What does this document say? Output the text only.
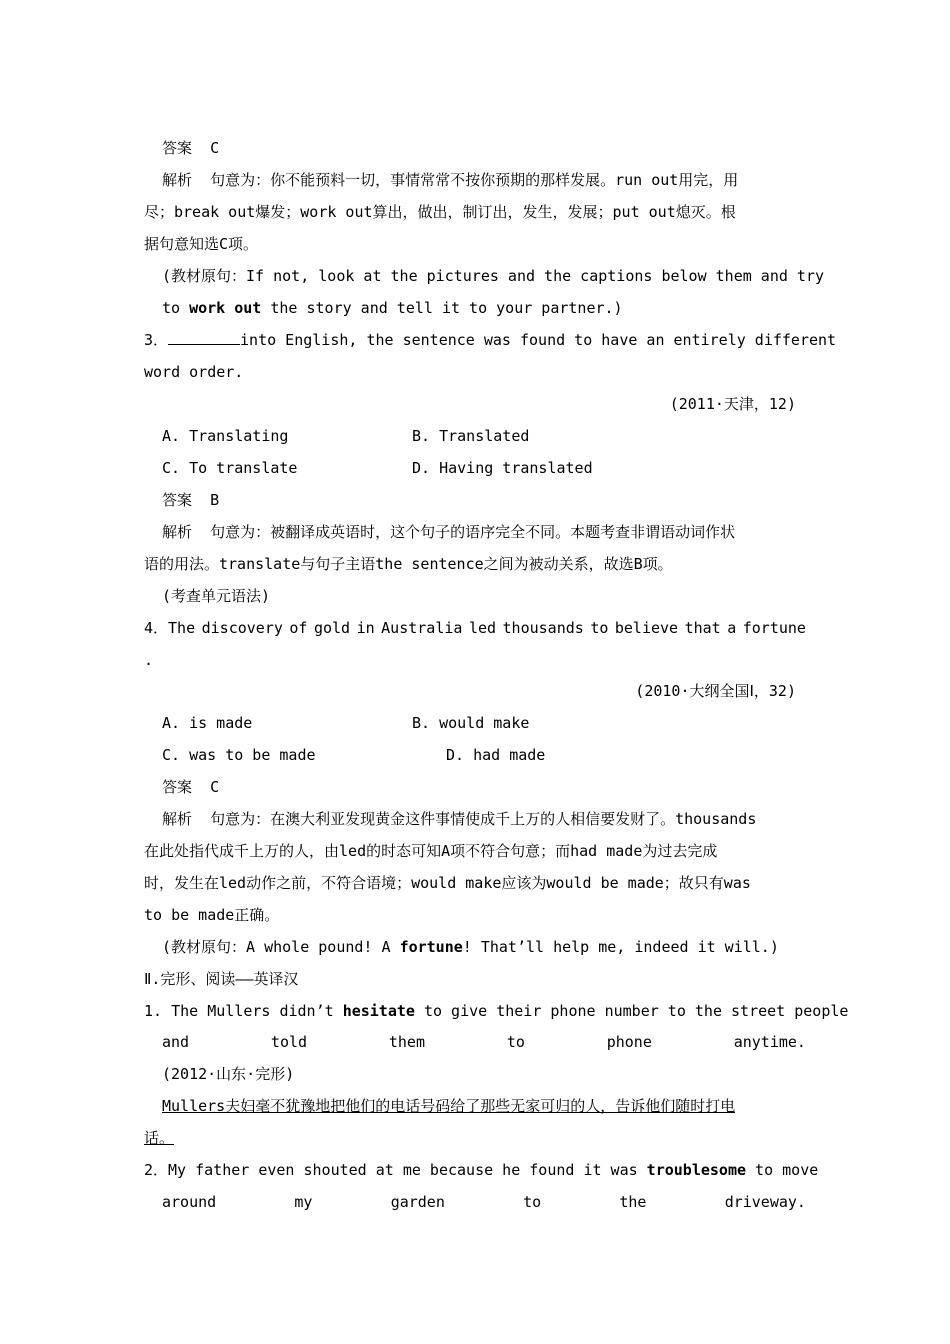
答案 C
解析 句意为：你不能预料一切，事情常常不按你预期的那样发展。run out用完，用
尽；break out爆发；work out算出，做出，制订出，发生，发展；put out熄灭。根
据句意知选C项。
(教材原句：If not, look at the pictures and the captions below them and try
to work out the story and tell it to your partner.)
3．	into English, the sentence was found to have an entirely different
word order.
(2011·天津，12)
A. Translating	B. Translated
C. To translate	D. Having translated
答案 B
解析 句意为：被翻译成英语时，这个句子的语序完全不同。本题考查非谓语动词作状
语的用法。translate与句子主语the sentence之间为被动关系，故选B项。
(考查单元语法)
4．The discovery of gold in Australia led thousands to believe that a fortune
.
(2010·大纲全国Ⅰ，32)
A. is made	B. would make
C. was to be made	D. had made
答案 C
解析 句意为：在澳大利亚发现黄金这件事情使成千上万的人相信要发财了。thousands
在此处指代成千上万的人，由led的时态可知A项不符合句意；而had made为过去完成
时，发生在led动作之前，不符合语境；would make应该为would be made；故只有was
to be made正确。
(教材原句：A whole pound! A fortune! That’ll help me, indeed it will.)
Ⅱ.完形、阅读——英译汉
1. The Mullers didn’t hesitate to give their phone number to the street people
and	told	them	to	phone	anytime.
(2012·山东·完形)
Mullers夫妇毫不犹豫地把他们的电话号码给了那些无家可归的人，告诉他们随时打电
话。
2．My father even shouted at me because he found it was troublesome to move
around	my	garden	to	the	driveway.
